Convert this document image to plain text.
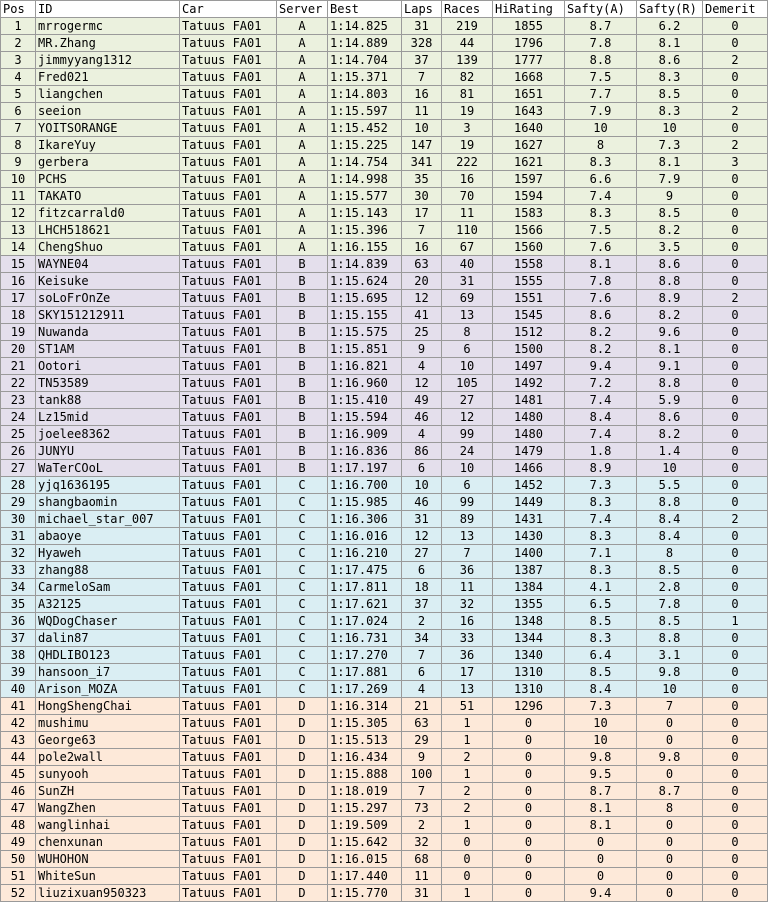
Pos	ID	Car	Server	Best	Laps	Races	HiRating	Safty(A)	Safty(R)	Demerit
1	mrrogermc	Tatuus FA01	A	1:14.825	31	219	1855	8.7	6.2	0
2	MR.Zhang	Tatuus FA01	A	1:14.889	328	44	1796	7.8	8.1	0
3	jimmyyang1312	Tatuus FA01	A	1:14.704	37	139	1777	8.8	8.6	2
4	Fred021	Tatuus FA01	A	1:15.371	7	82	1668	7.5	8.3	0
5	liangchen	Tatuus FA01	A	1:14.803	16	81	1651	7.7	8.5	0
6	seeion	Tatuus FA01	A	1:15.597	11	19	1643	7.9	8.3	2
7	YOITSORANGE	Tatuus FA01	A	1:15.452	10	3	1640	10	10	0
8	IkareYuy	Tatuus FA01	A	1:15.225	147	19	1627	8	7.3	2
9	gerbera	Tatuus FA01	A	1:14.754	341	222	1621	8.3	8.1	3
10	PCHS	Tatuus FA01	A	1:14.998	35	16	1597	6.6	7.9	0
11	TAKATO	Tatuus FA01	A	1:15.577	30	70	1594	7.4	9	0
12	fitzcarrald0	Tatuus FA01	A	1:15.143	17	11	1583	8.3	8.5	0
13	LHCH518621	Tatuus FA01	A	1:15.396	7	110	1566	7.5	8.2	0
14	ChengShuo	Tatuus FA01	A	1:16.155	16	67	1560	7.6	3.5	0
15	WAYNE04	Tatuus FA01	B	1:14.839	63	40	1558	8.1	8.6	0
16	Keisuke	Tatuus FA01	B	1:15.624	20	31	1555	7.8	8.8	0
17	soLoFrOnZe	Tatuus FA01	B	1:15.695	12	69	1551	7.6	8.9	2
18	SKY151212911	Tatuus FA01	B	1:15.155	41	13	1545	8.6	8.2	0
19	Nuwanda	Tatuus FA01	B	1:15.575	25	8	1512	8.2	9.6	0
20	ST1AM	Tatuus FA01	B	1:15.851	9	6	1500	8.2	8.1	0
21	Ootori	Tatuus FA01	B	1:16.821	4	10	1497	9.4	9.1	0
22	TN53589	Tatuus FA01	B	1:16.960	12	105	1492	7.2	8.8	0
23	tank88	Tatuus FA01	B	1:15.410	49	27	1481	7.4	5.9	0
24	Lz15mid	Tatuus FA01	B	1:15.594	46	12	1480	8.4	8.6	0
25	joelee8362	Tatuus FA01	B	1:16.909	4	99	1480	7.4	8.2	0
26	JUNYU	Tatuus FA01	B	1:16.836	86	24	1479	1.8	1.4	0
27	WaTerCOoL	Tatuus FA01	B	1:17.197	6	10	1466	8.9	10	0
28	yjq1636195	Tatuus FA01	C	1:16.700	10	6	1452	7.3	5.5	0
29	shangbaomin	Tatuus FA01	C	1:15.985	46	99	1449	8.3	8.8	0
30	michael_star_007	Tatuus FA01	C	1:16.306	31	89	1431	7.4	8.4	2
31	abaoye	Tatuus FA01	C	1:16.016	12	13	1430	8.3	8.4	0
32	Hyaweh	Tatuus FA01	C	1:16.210	27	7	1400	7.1	8	0
33	zhang88	Tatuus FA01	C	1:17.475	6	36	1387	8.3	8.5	0
34	CarmeloSam	Tatuus FA01	C	1:17.811	18	11	1384	4.1	2.8	0
35	A32125	Tatuus FA01	C	1:17.621	37	32	1355	6.5	7.8	0
36	WQDogChaser	Tatuus FA01	C	1:17.024	2	16	1348	8.5	8.5	1
37	dalin87	Tatuus FA01	C	1:16.731	34	33	1344	8.3	8.8	0
38	QHDLIBO123	Tatuus FA01	C	1:17.270	7	36	1340	6.4	3.1	0
39	hansoon_i7	Tatuus FA01	C	1:17.881	6	17	1310	8.5	9.8	0
40	Arison_MOZA	Tatuus FA01	C	1:17.269	4	13	1310	8.4	10	0
41	HongShengChai	Tatuus FA01	D	1:16.314	21	51	1296	7.3	7	0
42	mushimu	Tatuus FA01	D	1:15.305	63	1	0	10	0	0
43	George63	Tatuus FA01	D	1:15.513	29	1	0	10	0	0
44	pole2wall	Tatuus FA01	D	1:16.434	9	2	0	9.8	9.8	0
45	sunyooh	Tatuus FA01	D	1:15.888	100	1	0	9.5	0	0
46	SunZH	Tatuus FA01	D	1:18.019	7	2	0	8.7	8.7	0
47	WangZhen	Tatuus FA01	D	1:15.297	73	2	0	8.1	8	0
48	wanglinhai	Tatuus FA01	D	1:19.509	2	1	0	8.1	0	0
49	chenxunan	Tatuus FA01	D	1:15.642	32	0	0	0	0	0
50	WUHOHON	Tatuus FA01	D	1:16.015	68	0	0	0	0	0
51	WhiteSun	Tatuus FA01	D	1:17.440	11	0	0	0	0	0
52	liuzixuan950323	Tatuus FA01	D	1:15.770	31	1	0	9.4	0	0
